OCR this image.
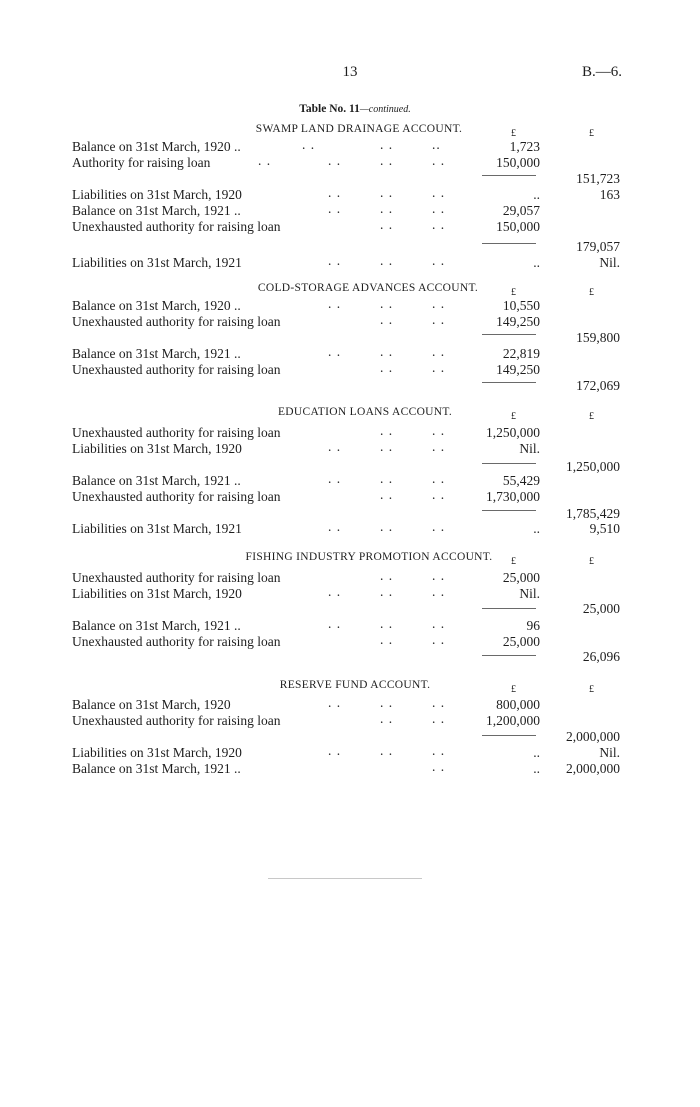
13	B.—6.
Table No. 11—continued.
SWAMP LAND DRAINAGE ACCOUNT.	£	£
Balance on 31st March, 1920 ..	. .	. .	..	1,723
Authority for raising loan	. .	. .	. .	. .	150,000
151,723
Liabilities on 31st March, 1920	. .	. .	. .	..	163
Balance on 31st March, 1921 ..	. .	. .	. .	29,057
Unexhausted authority for raising loan	. .	. .	150,000
179,057
Liabilities on 31st March, 1921	. .	. .	. .	..	Nil.
COLD-STORAGE ADVANCES ACCOUNT.	£	£
Balance on 31st March, 1920 ..	. .	. .	. .	10,550
Unexhausted authority for raising loan	. .	. .	149,250
159,800
Balance on 31st March, 1921 ..	. .	. .	. .	22,819
Unexhausted authority for raising loan	. .	. .	149,250
172,069
EDUCATION LOANS ACCOUNT.	£	£
Unexhausted authority for raising loan	. .	. .	1,250,000
Liabilities on 31st March, 1920	. .	. .	. .	Nil.
1,250,000
Balance on 31st March, 1921 ..	. .	. .	. .	55,429
Unexhausted authority for raising loan	. .	. .	1,730,000
1,785,429
Liabilities on 31st March, 1921	. .	. .	. .	..	9,510
FISHING INDUSTRY PROMOTION ACCOUNT.	£	£
Unexhausted authority for raising loan	. .	. .	25,000
Liabilities on 31st March, 1920	. .	. .	. .	Nil.
25,000
Balance on 31st March, 1921 ..	. .	. .	. .	96
Unexhausted authority for raising loan	. .	. .	25,000
26,096
RESERVE FUND ACCOUNT.	£	£
Balance on 31st March, 1920	. .	. .	. .	800,000
Unexhausted authority for raising loan	. .	. .	1,200,000
2,000,000
Liabilities on 31st March, 1920	. .	. .	. .	..	Nil.
Balance on 31st March, 1921 ..	. .	..	2,000,000
